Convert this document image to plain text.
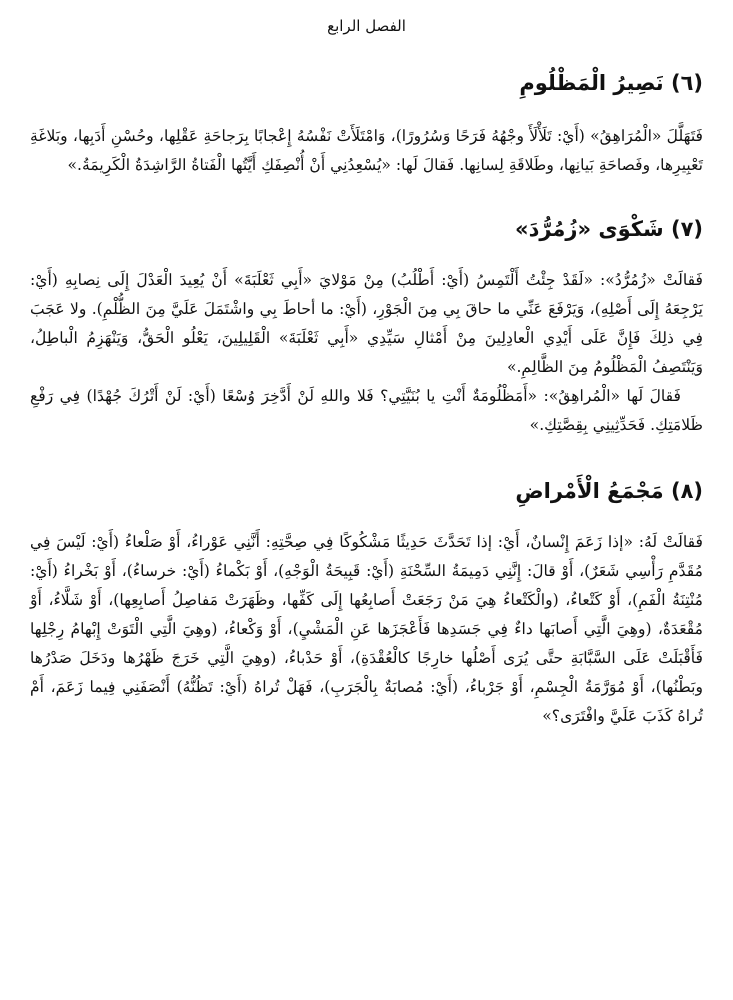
الفصل الرابع
(٦) نَصِيرُ الْمَظْلُومِ

فَتَهَلَّلَ «الْمُرَاهِقُ» (أَيْ: تَلَأْلَأَ وجْهُهُ فَرَحًا وَسُرُورًا)، وَامْتَلَأَتْ نَفْسُهُ إِعْجابًا بِرَجاحَةِ عَقْلِها، وحُسْنِ أَدَبِها، وبَلاغَةِ تَعْبِيرِها، وفَصاحَةِ بَيانِها، وطَلاقَةِ لِسانِها. فَقالَ لَها: «يُسْعِدُنِي أَنْ أُنْصِفَكِ أَيَّتُها الْفَتاةُ الرَّاشِدَةُ الْكَرِيمَةُ.»

(٧) شَكْوَى «زُمُرُّدَ»

فَقالَتْ «زُمُرُّدُ»: «لَقَدْ جِئْتُ أَلْتَمِسُ (أَيْ: أَطْلُبُ) مِنْ مَوْلايَ «أَبِي ثَعْلَبَةَ» أَنْ يُعِيدَ الْعَدْلَ إِلَى نِصابِهِ (أَيْ: يَرْجِعَهُ إِلَى أَصْلِهِ)، وَيَرْفَعَ عَنِّي ما حاقَ بِي مِنَ الْجَوْرِ، (أَيْ: ما أحاطَ بِي واشْتَمَلَ عَلَيَّ مِنَ الظُّلْمِ). ولا عَجَبَ فِي ذلِكَ فَإِنَّ عَلَى أَيْدِي الْعادِلِينَ مِنْ أَمْثالِ سَيِّدِي «أَبِي ثَعْلَبَةَ» الْقَلِيلِينَ، يَعْلُو الْحَقُّ، وَيَنْهَزِمُ الْباطِلُ، وَيَنْتَصِفُ الْمَظْلُومُ مِنَ الظَّالِمِ.»

فَقالَ لَها «الْمُراهِقُ»: «أَمَظْلُومَةٌ أَنْتِ يا بُنَيَّتِي؟ فَلا واللهِ لَنْ أَدَّخِرَ وُسْعًا (أَيْ: لَنْ أَتْرُكَ جُهْدًا) فِي رَفْعِ ظَلامَتِكِ. فَحَدِّثِينِي بِقِصَّتِكِ.»

(٨) مَجْمَعُ الْأَمْراضِ

فَقالَتْ لَهُ: «إذا زَعَمَ إِنْسانٌ، أَيْ: إذا تَحَدَّثَ حَدِيثًا مَشْكُوكًا فِي صِحَّتِهِ: أَنَّنِي عَوْراءُ، أَوْ صَلْعاءُ (أَيْ: لَيْسَ فِي مُقَدَّمِ رَأْسِي شَعَرٌ)، أَوْ قالَ: إِنَّنِي دَمِيمَةُ السِّحْنَةِ (أَيْ: قَبِيحَةُ الْوَجْهِ)، أَوْ بَكْماءُ (أَيْ: خرساءُ)، أَوْ بَخْراءُ (أَيْ: مُنْتِنَةُ الْفَمِ)، أَوْ كَتْعاءُ، (والْكَتْعاءُ هِيَ مَنْ رَجَعَتْ أَصابِعُها إِلَى كَفِّها، وظَهَرَتْ مَفاصِلُ أَصابِعِها)، أَوْ شَلَّاءُ، أَوْ مُقْعَدَةٌ، (وهِيَ الَّتِي أَصابَها داءٌ فِي جَسَدِها فَأَعْجَزَها عَنِ الْمَشْيِ)، أَوْ وَكْعاءُ، (وهِيَ الَّتِي الْتَوَتْ إِبْهامُ رِجْلِها فَأَقْبَلَتْ عَلَى السَّبَّابَةِ حتَّى يُرَى أَصْلُها خارِجًا كالْعُقْدَةِ)، أَوْ حَدْباءُ، (وهِيَ الَّتِي خَرَجَ ظَهْرُها ودَخَلَ صَدْرُها وبَطْنُها)، أَوْ مُوَرَّمَةُ الْجِسْمِ، أَوْ جَرْباءُ، (أَيْ: مُصابَةٌ بِالْجَرَبِ)، فَهَلْ تُراهُ (أَيْ: تَظُنُّهُ) أَنْصَفَنِي فِيما زَعَمَ، أَمْ تُراهُ كَذَبَ عَلَيَّ وافْتَرَى؟»
